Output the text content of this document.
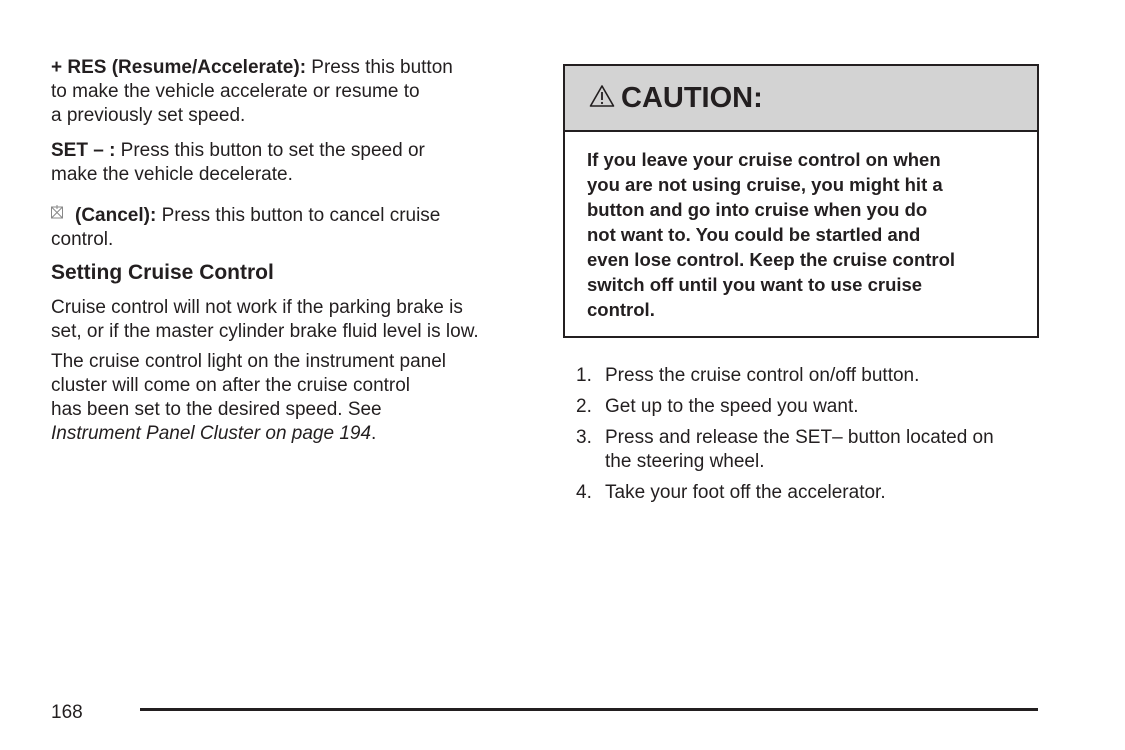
+ RES (Resume/Accelerate): Press this button
to make the vehicle accelerate or resume to
a previously set speed.

SET – : Press this button to set the speed or
make the vehicle decelerate.

(Cancel): Press this button to cancel cruise
control.

Setting Cruise Control

Cruise control will not work if the parking brake is
set, or if the master cylinder brake fluid level is low.

The cruise control light on the instrument panel
cluster will come on after the cruise control
has been set to the desired speed. See
Instrument Panel Cluster on page 194.

CAUTION:
If you leave your cruise control on when
you are not using cruise, you might hit a
button and go into cruise when you do
not want to. You could be startled and
even lose control. Keep the cruise control
switch off until you want to use cruise
control.
1. Press the cruise control on/off button.
2. Get up to the speed you want.
3. Press and release the SET– button located on
the steering wheel.
4. Take your foot off the accelerator.
168
